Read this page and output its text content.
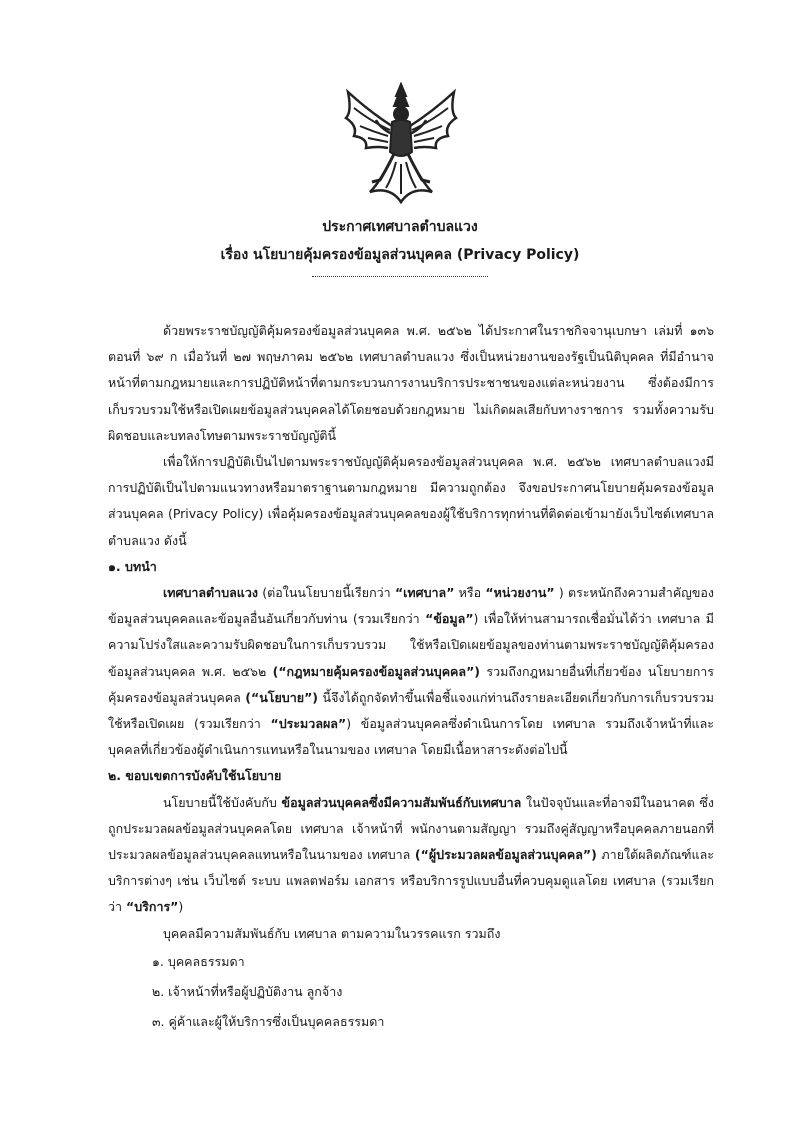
ประกาศเทศบาลตำบลแวง
เรื่อง นโยบายคุ้มครองข้อมูลส่วนบุคคล (Privacy Policy)

ด้วยพระราชบัญญัติคุ้มครองข้อมูลส่วนบุคคล พ.ศ. ๒๕๖๒ ได้ประกาศในราชกิจจานุเบกษา เล่มที่ ๑๓๖ ตอนที่ ๖๙ ก เมื่อวันที่ ๒๗ พฤษภาคม ๒๕๖๒ เทศบาลตำบลแวง ซึ่งเป็นหน่วยงานของรัฐเป็นนิติบุคคล ที่มีอำนาจหน้าที่ตามกฎหมายและการปฏิบัติหน้าที่ตามกระบวนการงานบริการประชาชนของแต่ละหน่วยงาน ซึ่งต้องมีการเก็บรวบรวมใช้หรือเปิดเผยข้อมูลส่วนบุคคลได้โดยชอบด้วยกฎหมาย ไม่เกิดผลเสียกับทางราชการ รวมทั้งความรับผิดชอบและบทลงโทษตามพระราชบัญญัตินี้

เพื่อให้การปฏิบัติเป็นไปตามพระราชบัญญัติคุ้มครองข้อมูลส่วนบุคคล พ.ศ. ๒๕๖๒ เทศบาลตำบลแวงมีการปฏิบัติเป็นไปตามแนวทางหรือมาตราฐานตามกฎหมาย มีความถูกต้อง จึงขอประกาศนโยบายคุ้มครองข้อมูลส่วนบุคคล (Privacy Policy) เพื่อคุ้มครองข้อมูลส่วนบุคคลของผู้ใช้บริการทุกท่านที่ติดต่อเข้ามายังเว็บไซต์เทศบาลตำบลแวง ดังนี้

๑. บทนำ

เทศบาลตำบลแวง (ต่อในนโยบายนี้เรียกว่า “เทศบาล” หรือ “หน่วยงาน” ) ตระหนักถึงความสำคัญของข้อมูลส่วนบุคคลและข้อมูลอื่นอันเกี่ยวกับท่าน (รวมเรียกว่า “ข้อมูล”) เพื่อให้ท่านสามารถเชื่อมั่นได้ว่า เทศบาล มีความโปร่งใสและความรับผิดชอบในการเก็บรวบรวม ใช้หรือเปิดเผยข้อมูลของท่านตามพระราชบัญญัติคุ้มครองข้อมูลส่วนบุคคล พ.ศ. ๒๕๖๒ (“กฎหมายคุ้มครองข้อมูลส่วนบุคคล”) รวมถึงกฎหมายอื่นที่เกี่ยวข้อง นโยบายการคุ้มครองข้อมูลส่วนบุคคล (“นโยบาย”) นี้จึงได้ถูกจัดทำขึ้นเพื่อชี้แจงแก่ท่านถึงรายละเอียดเกี่ยวกับการเก็บรวบรวม ใช้หรือเปิดเผย (รวมเรียกว่า “ประมวลผล”) ข้อมูลส่วนบุคคลซึ่งดำเนินการโดย เทศบาล รวมถึงเจ้าหน้าที่และบุคคลที่เกี่ยวข้องผู้ดำเนินการแทนหรือในนามของ เทศบาล โดยมีเนื้อหาสาระดังต่อไปนี้

๒. ขอบเขตการบังคับใช้นโยบาย

นโยบายนี้ใช้บังคับกับ ข้อมูลส่วนบุคคลซึ่งมีความสัมพันธ์กับเทศบาล ในปัจจุบันและที่อาจมีในอนาคต ซึ่งถูกประมวลผลข้อมูลส่วนบุคคลโดย เทศบาล เจ้าหน้าที่ พนักงานตามสัญญา รวมถึงคู่สัญญาหรือบุคคลภายนอกที่ประมวลผลข้อมูลส่วนบุคคลแทนหรือในนามของ เทศบาล (“ผู้ประมวลผลข้อมูลส่วนบุคคล”) ภายใต้ผลิตภัณฑ์และบริการต่างๆ เช่น เว็บไซต์ ระบบ แพลตฟอร์ม เอกสาร หรือบริการรูปแบบอื่นที่ควบคุมดูแลโดย เทศบาล (รวมเรียกว่า “บริการ”)

บุคคลมีความสัมพันธ์กับ เทศบาล ตามความในวรรคแรก รวมถึง

๑. บุคคลธรรมดา
๒. เจ้าหน้าที่หรือผู้ปฏิบัติงาน ลูกจ้าง
๓. คู่ค้าและผู้ให้บริการซึ่งเป็นบุคคลธรรมดา
